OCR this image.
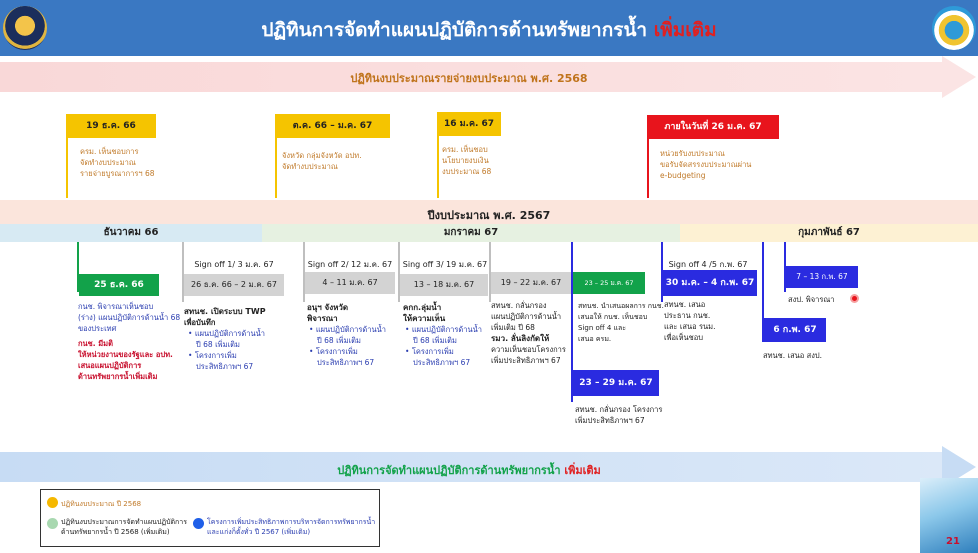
ปฏิทินการจัดทำแผนปฏิบัติการด้านทรัพยากรน้ำ เพิ่มเติม
ปฏิทินงบประมาณรายจ่ายงบประมาณ พ.ศ. 2568
19 ธ.ค. 66
ครม. เห็นชอบการ
จัดทำงบประมาณ
รายจ่ายบูรณาการฯ 68
ต.ค. 66 – ม.ค. 67
จังหวัด กลุ่มจังหวัด อปท.
จัดทำงบประมาณ
16 ม.ค. 67
ครม. เห็นชอบ
นโยบายงบเงิน
งบประมาณ 68
ภายในวันที่ 26 ม.ค. 67
หน่วยรับงบประมาณ
ขอรับจัดสรรงบประมาณผ่าน
e-budgeting
ปีงบประมาณ พ.ศ. 2567
ธันวาคม 66	มกราคม 67	กุมภาพันธ์ 67
25 ธ.ค. 66
กนช. พิจารณาเห็นชอบ
(ร่าง) แผนปฏิบัติการด้านน้ำ 68
ของประเทศ
กนช. มีมติ
ให้หน่วยงานของรัฐและ อปท.
เสนอแผนปฏิบัติการ
ด้านทรัพยากรน้ำเพิ่มเติม
Sign off 1/ 3 ม.ค. 67
26 ธ.ค. 66 – 2 ม.ค. 67
สทนช. เปิดระบบ TWP
เพื่อบันทึก
• แผนปฏิบัติการด้านน้ำ
ปี 68 เพิ่มเติม
• โครงการเพิ่ม
ประสิทธิภาพฯ 67
Sign off 2/ 12 ม.ค. 67
4 – 11 ม.ค. 67
อนุฯ จังหวัด
พิจารณา
• แผนปฏิบัติการด้านน้ำ
ปี 68 เพิ่มเติม
• โครงการเพิ่ม
ประสิทธิภาพฯ 67
Sing off 3/ 19 ม.ค. 67
13 – 18 ม.ค. 67
คกก.ลุ่มน้ำ
ให้ความเห็น
• แผนปฏิบัติการด้านน้ำ
ปี 68 เพิ่มเติม
• โครงการเพิ่ม
ประสิทธิภาพฯ 67
19 – 22 ม.ค. 67
สทนช. กลั่นกรอง
แผนปฏิบัติการด้านน้ำ
เพิ่มเติม ปี 68
รมว. ลั่นลิงกัดให้
ความเห็นชอบโครงการ
เพิ่มประสิทธิภาพฯ 67
23 – 25 ม.ค. 67
สทนช. นำเสนอผลการ กนช.
เสนอให้ กนช. เห็นชอบ
Sign off 4 และ
เสนอ ครม.
23 – 29 ม.ค. 67
สทนช. กลั่นกรอง โครงการ
เพิ่มประสิทธิภาพฯ 67
Sign off 4 /5 ก.พ. 67
30 ม.ค. – 4 ก.พ. 67
สทนช. เสนอ
ประธาน กนช.
และ เสนอ รนม.
เพื่อเห็นชอบ
6 ก.พ. 67
สทนช. เสนอ สงป.
7 – 13 ก.พ. 67
สงป. พิจารณา
ปฏิทินการจัดทำแผนปฏิบัติการด้านทรัพยากรน้ำ เพิ่มเติม
ปฏิทินงบประมาณ ปี 2568
ปฏิทินงบประมาณการจัดทำแผนปฏิบัติการ
ด้านทรัพยากรน้ำ ปี 2568 (เพิ่มเติม)
โครงการเพิ่มประสิทธิภาพการบริหารจัดการทรัพยากรน้ำ
และแก่งก็ตั้งทั่ว ปี 2567 (เพิ่มเติม)
21
